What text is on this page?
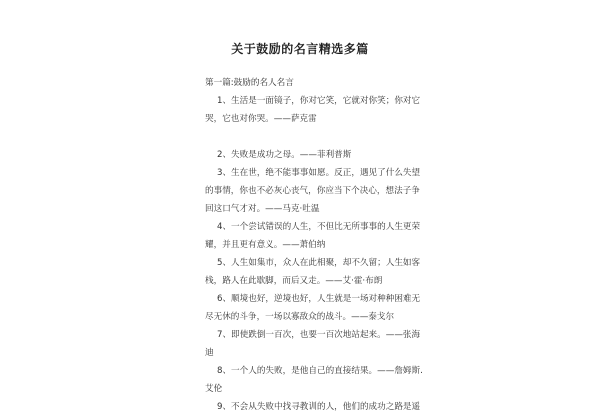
关于鼓励的名言精选多篇

第一篇:鼓励的名人名言

1、生活是一面镜子，你对它笑，它就对你笑；你对它

哭，它也对你哭。——萨克雷

2、失败是成功之母。——菲利普斯

3、生在世，绝不能事事如愿。反正，遇见了什么失望

的事情，你也不必灰心丧气，你应当下个决心，想法子争

回这口气才对。——马克·吐温

4、一个尝试错误的人生，不但比无所事事的人生更荣

耀，并且更有意义。——萧伯纳

5、人生如集市，众人在此相聚，却不久留；人生如客

栈，路人在此歇脚，而后又走。——艾·霍·布朗

6、顺境也好，逆境也好，人生就是一场对种种困难无

尽无休的斗争，一场以寡敌众的战斗。——泰戈尔

7、即使跌倒一百次，也要一百次地站起来。——张海

迪

8、一个人的失败，是他自己的直接结果。——詹姆斯.

艾伦

9、不会从失败中找寻教训的人，他们的成功之路是遥
